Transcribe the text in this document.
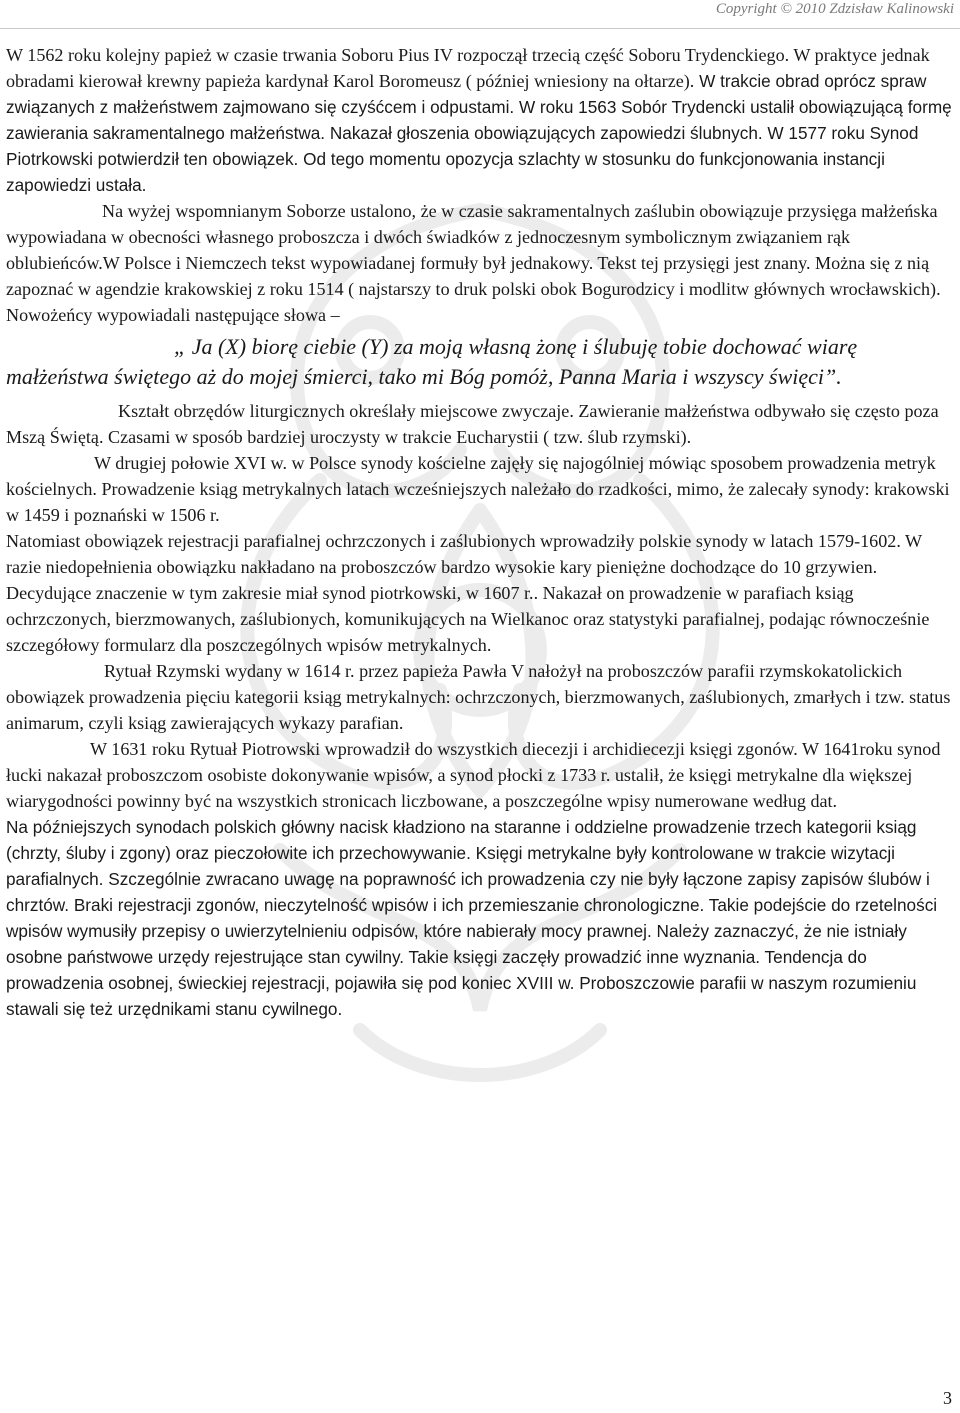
Copyright © 2010 Zdzisław Kalinowski

W 1562 roku kolejny papież w czasie trwania Soboru Pius IV rozpoczął trzecią część Soboru Trydenckiego. W praktyce jednak obradami kierował krewny papieża kardynał Karol Boromeusz ( później wniesiony na ołtarze). W trakcie obrad oprócz spraw związanych z małżeństwem zajmowano się czyśćcem i odpustami. W roku 1563 Sobór Trydencki ustalił obowiązującą formę zawierania sakramentalnego małżeństwa. Nakazał głoszenia obowiązujących zapowiedzi ślubnych. W 1577 roku Synod Piotrkowski potwierdził ten obowiązek. Od tego momentu opozycja szlachty w stosunku do funkcjonowania instancji zapowiedzi ustała.

Na wyżej wspomnianym Soborze ustalono, że w czasie sakramentalnych zaślubin obowiązuje przysięga małżeńska wypowiadana w obecności własnego proboszcza i dwóch świadków z jednoczesnym symbolicznym związaniem rąk oblubieńców.W Polsce i Niemczech tekst wypowiadanej formuły był jednakowy. Tekst tej przysięgi jest znany. Można się z nią zapoznać w agendzie krakowskiej z roku 1514 ( najstarszy to druk polski obok Bogurodzicy i modlitw głównych wrocławskich). Nowożeńcy wypowiadali następujące słowa –

„ Ja (X) biorę ciebie (Y) za moją własną żonę i ślubuję tobie dochować wiarę małżeństwa świętego aż do mojej śmierci, tako mi Bóg pomóż, Panna Maria i wszyscy święci”.

Kształt obrzędów liturgicznych określały miejscowe zwyczaje. Zawieranie małżeństwa odbywało się często poza Mszą Świętą. Czasami w sposób bardziej uroczysty w trakcie Eucharystii ( tzw. ślub rzymski).

W drugiej połowie XVI w. w Polsce synody kościelne zajęły się najogólniej mówiąc sposobem prowadzenia metryk kościelnych. Prowadzenie ksiąg metrykalnych latach wcześniejszych należało do rzadkości, mimo, że zalecały synody: krakowski w 1459 i poznański w 1506 r.

Natomiast obowiązek rejestracji parafialnej ochrzczonych i zaślubionych wprowadziły polskie synody w latach 1579-1602. W razie niedopełnienia obowiązku nakładano na proboszczów bardzo wysokie kary pieniężne dochodzące do 10 grzywien. Decydujące znaczenie w tym zakresie miał synod piotrkowski, w 1607 r.. Nakazał on prowadzenie w parafiach ksiąg ochrzczonych, bierzmowanych, zaślubionych, komunikujących na Wielkanoc oraz statystyki parafialnej, podając równocześnie szczegółowy formularz dla poszczególnych wpisów metrykalnych.

Rytuał Rzymski wydany w 1614 r. przez papieża Pawła V nałożył na proboszczów parafii rzymskokatolickich obowiązek prowadzenia pięciu kategorii ksiąg metrykalnych: ochrzczonych, bierzmowanych, zaślubionych, zmarłych i tzw. status animarum, czyli ksiąg zawierających wykazy parafian.

W 1631 roku Rytuał Piotrowski wprowadził do wszystkich diecezji i archidiecezji księgi zgonów. W 1641roku synod łucki nakazał proboszczom osobiste dokonywanie wpisów, a synod płocki z 1733 r. ustalił, że księgi metrykalne dla większej wiarygodności powinny być na wszystkich stronicach liczbowane, a poszczególne wpisy numerowane według dat.

Na późniejszych synodach polskich główny nacisk kładziono na staranne i oddzielne prowadzenie trzech kategorii ksiąg (chrzty, śluby i zgony) oraz pieczołowite ich przechowywanie. Księgi metrykalne były kontrolowane w trakcie wizytacji parafialnych. Szczególnie zwracano uwagę na poprawność ich prowadzenia czy nie były łączone zapisy zapisów ślubów i chrztów. Braki rejestracji zgonów, nieczytelność wpisów i ich przemieszanie chronologiczne. Takie podejście do rzetelności wpisów wymusiły przepisy o uwierzytelnieniu odpisów, które nabierały mocy prawnej. Należy zaznaczyć, że nie istniały osobne państwowe urzędy rejestrujące stan cywilny. Takie księgi zaczęły prowadzić inne wyznania. Tendencja do prowadzenia osobnej, świeckiej rejestracji, pojawiła się pod koniec XVIII w. Proboszczowie parafii w naszym rozumieniu stawali się też urzędnikami stanu cywilnego.

3
